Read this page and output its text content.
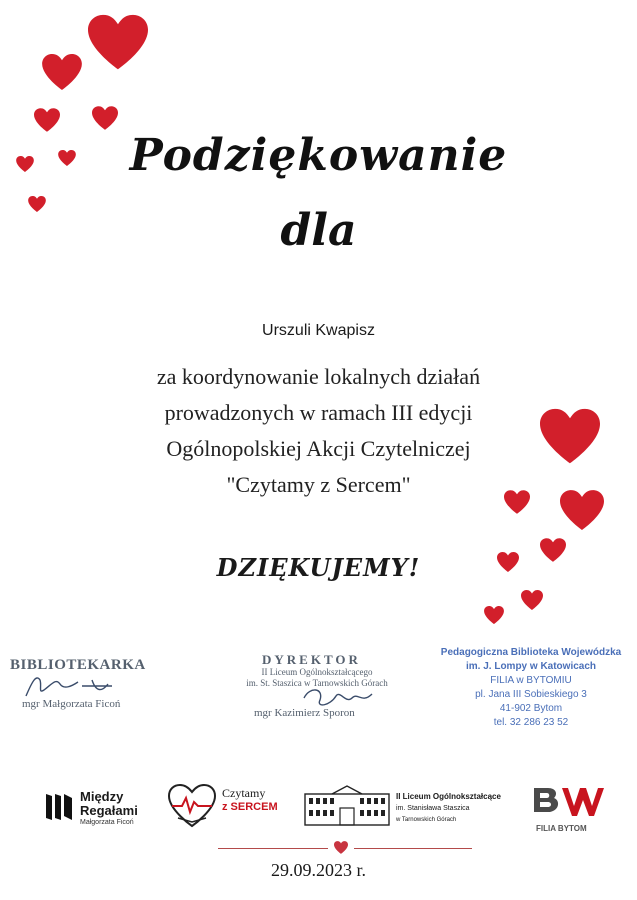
Podziękowanie
dla
Urszuli Kwapisz
za koordynowanie lokalnych działań
prowadzonych w ramach III edycji
Ogólnopolskiej Akcji Czytelniczej
"Czytamy z Sercem"
DZIĘKUJEMY!
BIBLIOTEKARKA
mgr Małgorzata Ficoń
DYREKTOR
II Liceum Ogólnokształcącego
im. St. Staszica w Tarnowskich Górach
mgr Kazimierz Sporon
Pedagogiczna Biblioteka Wojewódzka
im. J. Lompy w Katowicach
FILIA w BYTOMIU
pl. Jana III Sobieskiego 3
41-902 Bytom
tel. 32 286 23 52
Między
Regałami
Małgorzata Ficoń
Czytamy
z SERCEM
II Liceum Ogólnokształcące
im. Stanisława Staszica
w Tarnowskich Górach
FILIA BYTOM
29.09.2023 r.
